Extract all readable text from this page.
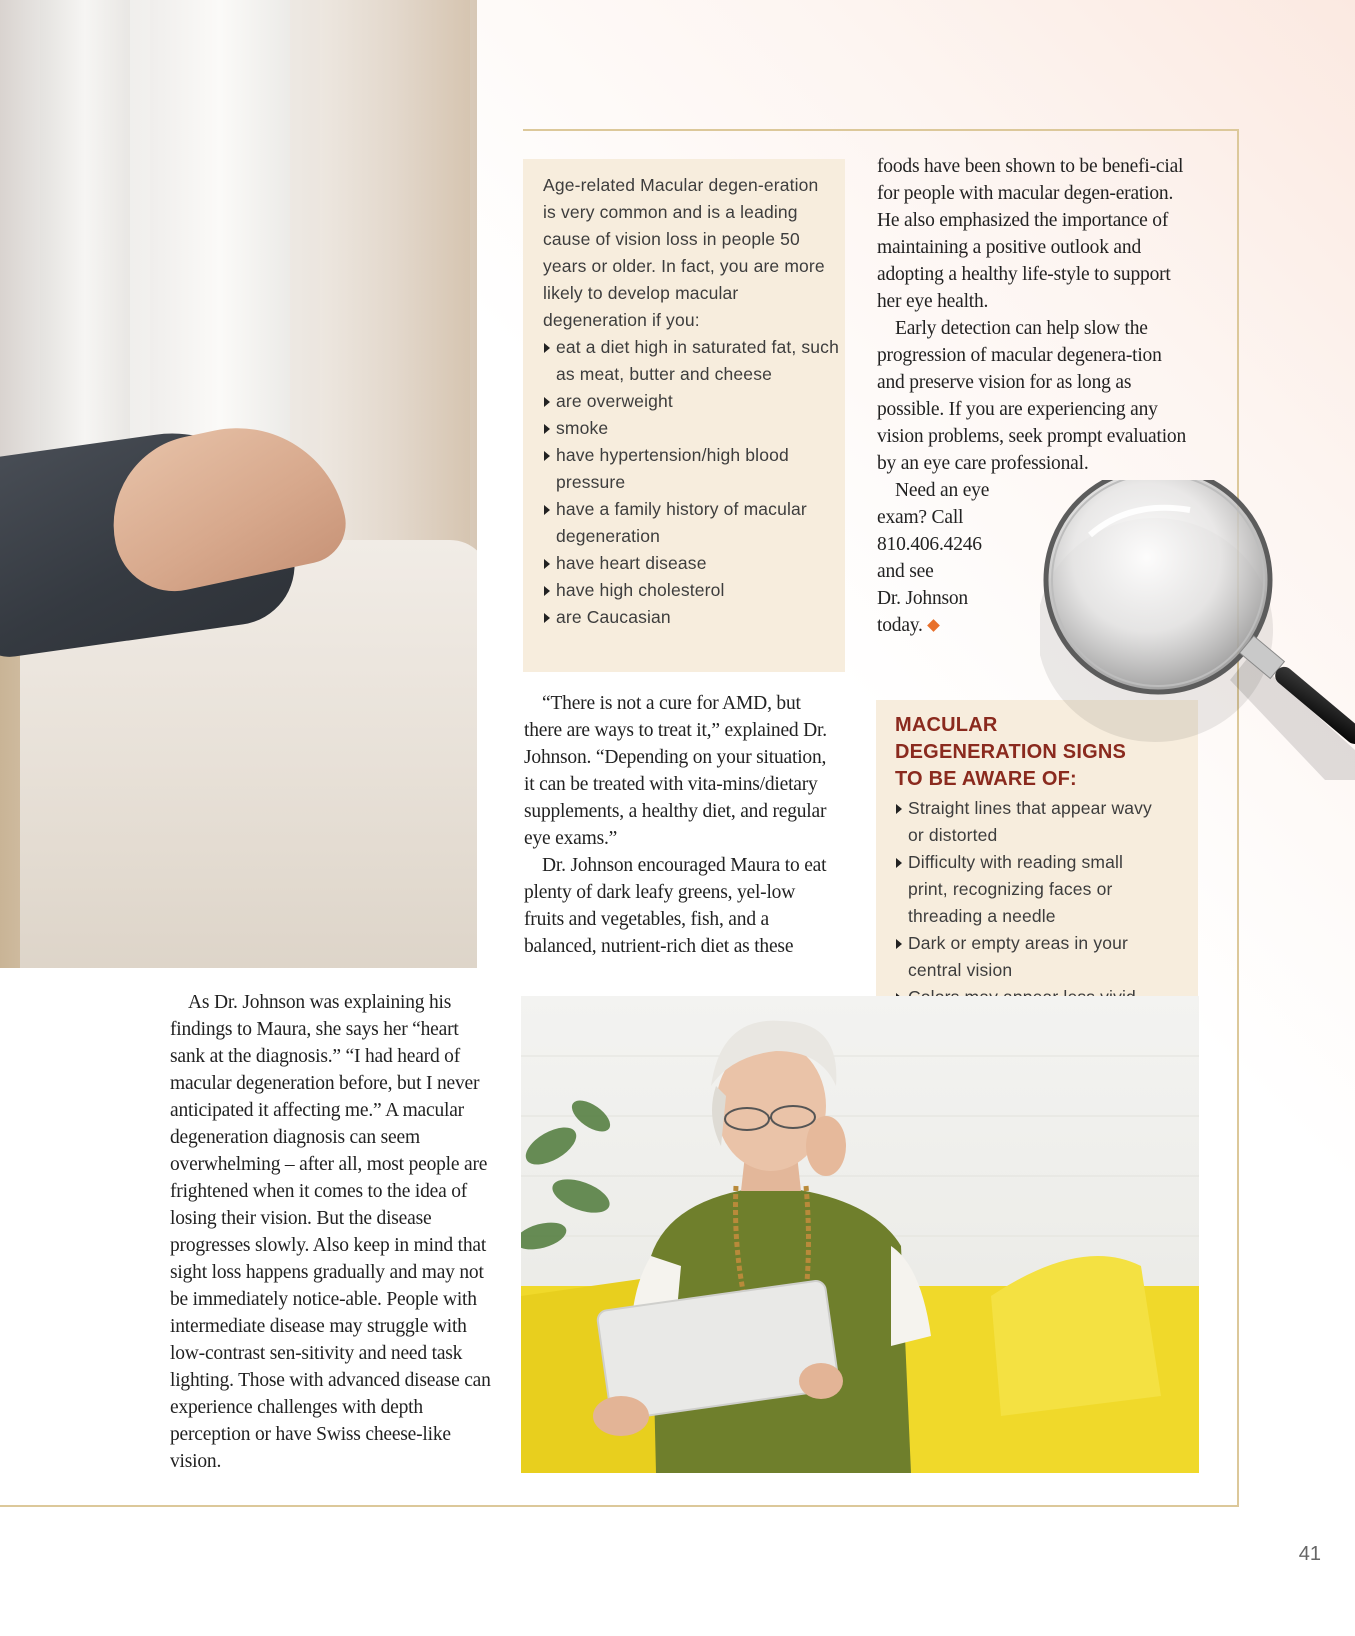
Age-related Macular degen-eration is very common and is a leading cause of vision loss in people 50 years or older. In fact, you are more likely to develop macular degeneration if you:

eat a diet high in saturated fat, such as meat, butter and cheese
are overweight
smoke
have hypertension/high blood pressure
have a family history of macular degeneration
have heart disease
have high cholesterol
are Caucasian

As Dr. Johnson was explaining his findings to Maura, she says her “heart sank at the diagnosis.” “I had heard of macular degeneration before, but I never anticipated it affecting me.” A macular degeneration diagnosis can seem overwhelming – after all, most people are frightened when it comes to the idea of losing their vision. But the disease progresses slowly. Also keep in mind that sight loss happens gradually and may not be immediately notice-able. People with intermediate disease may struggle with low-contrast sen-sitivity and need task lighting. Those with advanced disease can experience challenges with depth perception or have Swiss cheese-like vision.

“There is not a cure for AMD, but there are ways to treat it,” explained Dr. Johnson. “Depending on your situation, it can be treated with vita-mins/dietary supplements, a healthy diet, and regular eye exams.”

Dr. Johnson encouraged Maura to eat plenty of dark leafy greens, yel-low fruits and vegetables, fish, and a balanced, nutrient-rich diet as these

foods have been shown to be benefi-cial for people with macular degen-eration. He also emphasized the importance of maintaining a positive outlook and adopting a healthy life-style to support her eye health.

Early detection can help slow the progression of macular degenera-tion and preserve vision for as long as possible. If you are experiencing any vision problems, seek prompt evaluation by an eye care professional.

Need an eye
exam? Call
810.406.4246
and see
Dr. Johnson
today.

MACULAR
DEGENERATION SIGNS
TO BE AWARE OF:
Straight lines that appear wavy or distorted
Difficulty with reading small print, recognizing faces or threading a needle
Dark or empty areas in your central vision
41
